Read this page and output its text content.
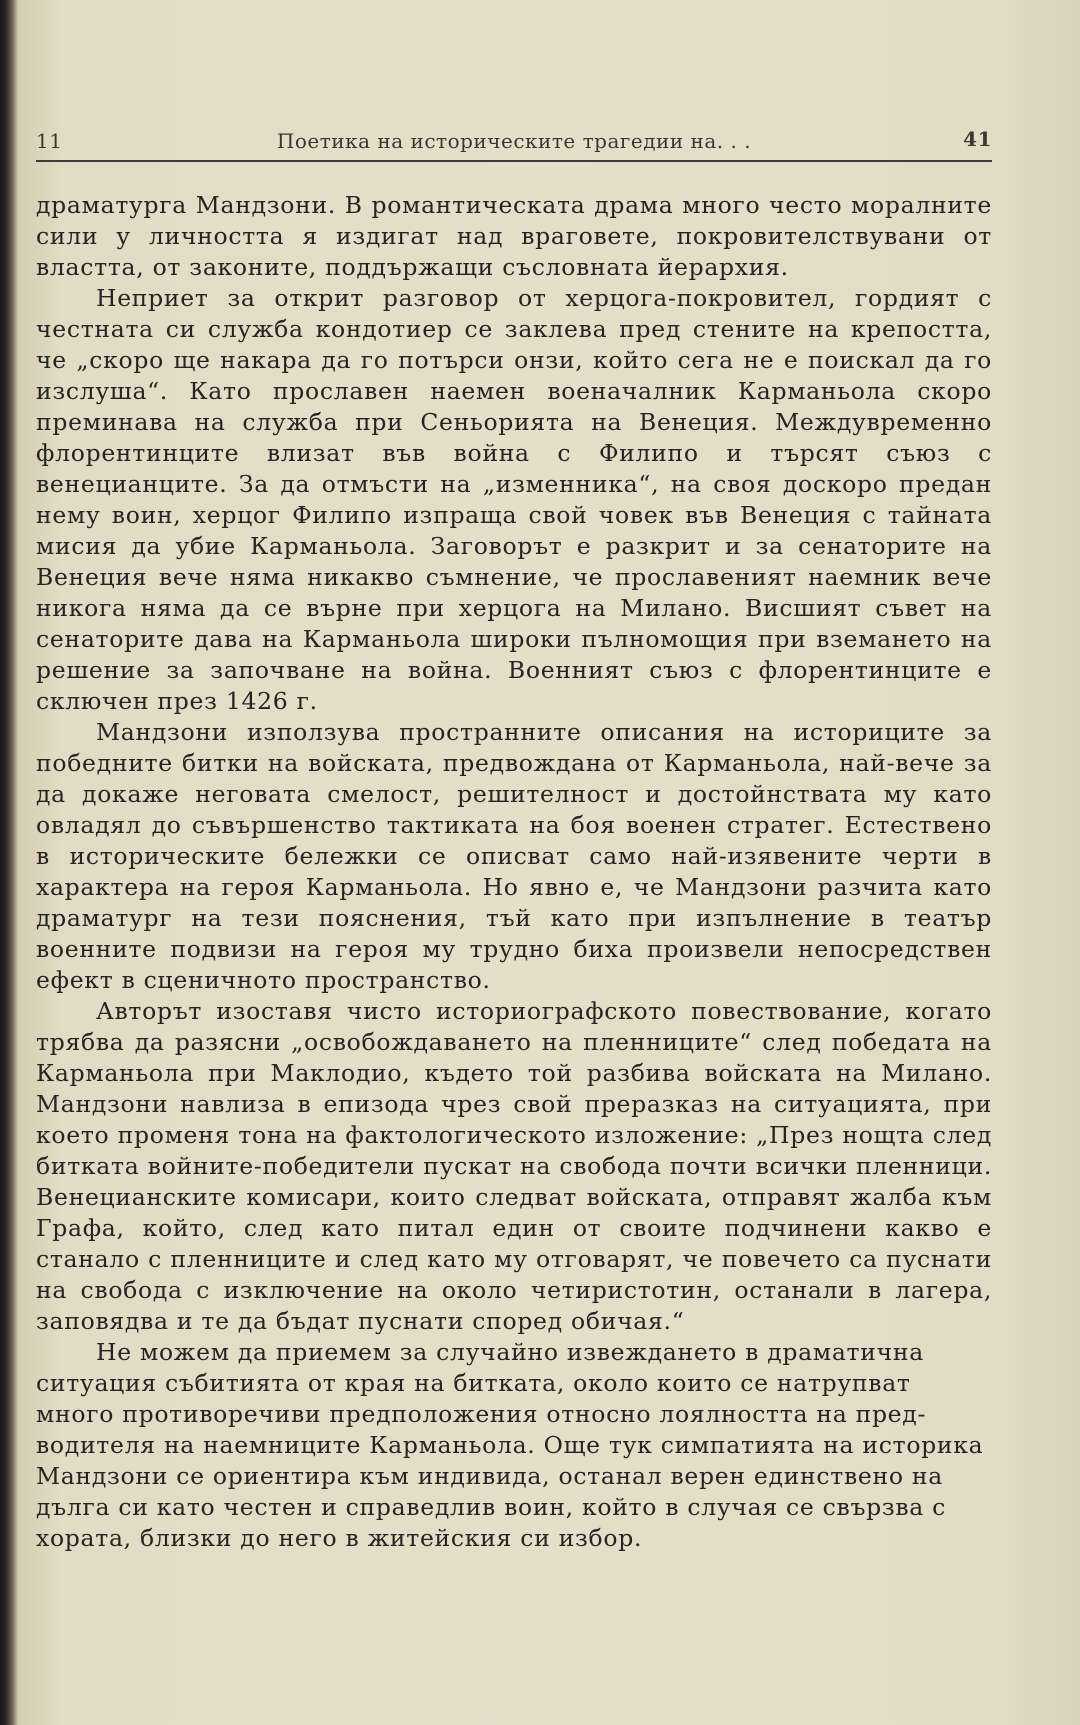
11	Поетика на историческите трагедии на. . .	41

драматурга Мандзони. В романтическата драма много често моралните сили у личността я издигат над враговете, покровителствувани от властта, от законите, поддържащи съсловната йерархия.

Неприет за открит разговор от херцога-покровител, гордият с честната си служба кондотиер се заклева пред стените на крепостта, че „скоро ще накара да го потърси онзи, който сега не е поискал да го изслуша“. Като прославен наемен военачалник Карманьола скоро преминава на служба при Сеньорията на Венеция. Междувременно флорентинците влизат във война с Филипо и търсят съюз с венецианците. За да отмъсти на „изменника“, на своя доскоро предан нему воин, херцог Филипо изпраща свой човек във Венеция с тайната мисия да убие Карманьола. Заговорът е разкрит и за сенаторите на Венеция вече няма никакво съмнение, че прославеният наемник вече никога няма да се върне при херцога на Милано. Висшият съвет на сенаторите дава на Карманьола широки пълномощия при вземането на решение за започване на война. Военният съюз с флорентинците е сключен през 1426 г.

Мандзони използува пространните описания на историците за победните битки на войската, предвождана от Карманьола, най-вече за да докаже неговата смелост, решителност и достойнствата му като овладял до съвършенство тактиката на боя военен стратег. Естествено в историческите бележки се описват само най-изявените черти в характера на героя Карманьола. Но явно е, че Мандзони разчита като драматург на тези пояснения, тъй като при изпълнение в театър военните подвизи на героя му трудно биха произвели непосредствен ефект в сценичното пространство.

Авторът изоставя чисто историографското повествование, когато трябва да разясни „освобождаването на пленниците“ след победата на Карманьола при Маклодио, където той разбива войската на Милано. Мандзони навлиза в епизода чрез свой преразказ на ситуацията, при което променя тона на фактологическото изложение: „През нощта след битката войните-победители пускат на свобода почти всички пленници. Венецианските комисари, които следват войската, отправят жалба към Графа, който, след като питал един от своите подчинени какво е станало с пленниците и след като му отговарят, че повечето са пуснати на свобода с изключение на около четиристотин, останали в лагера, заповядва и те да бъдат пуснати според обичая.“

Не можем да приемем за случайно извеждането в драматична ситуация събитията от края на битката, около които се натрупват много противоречиви предположения относно лоялността на предводителя на наемниците Карманьола. Още тук симпатията на историка Мандзони се ориентира към индивида, останал верен единствено на дълга си като честен и справедлив воин, който в случая се свързва с хората, близки до него в житейския си избор.
